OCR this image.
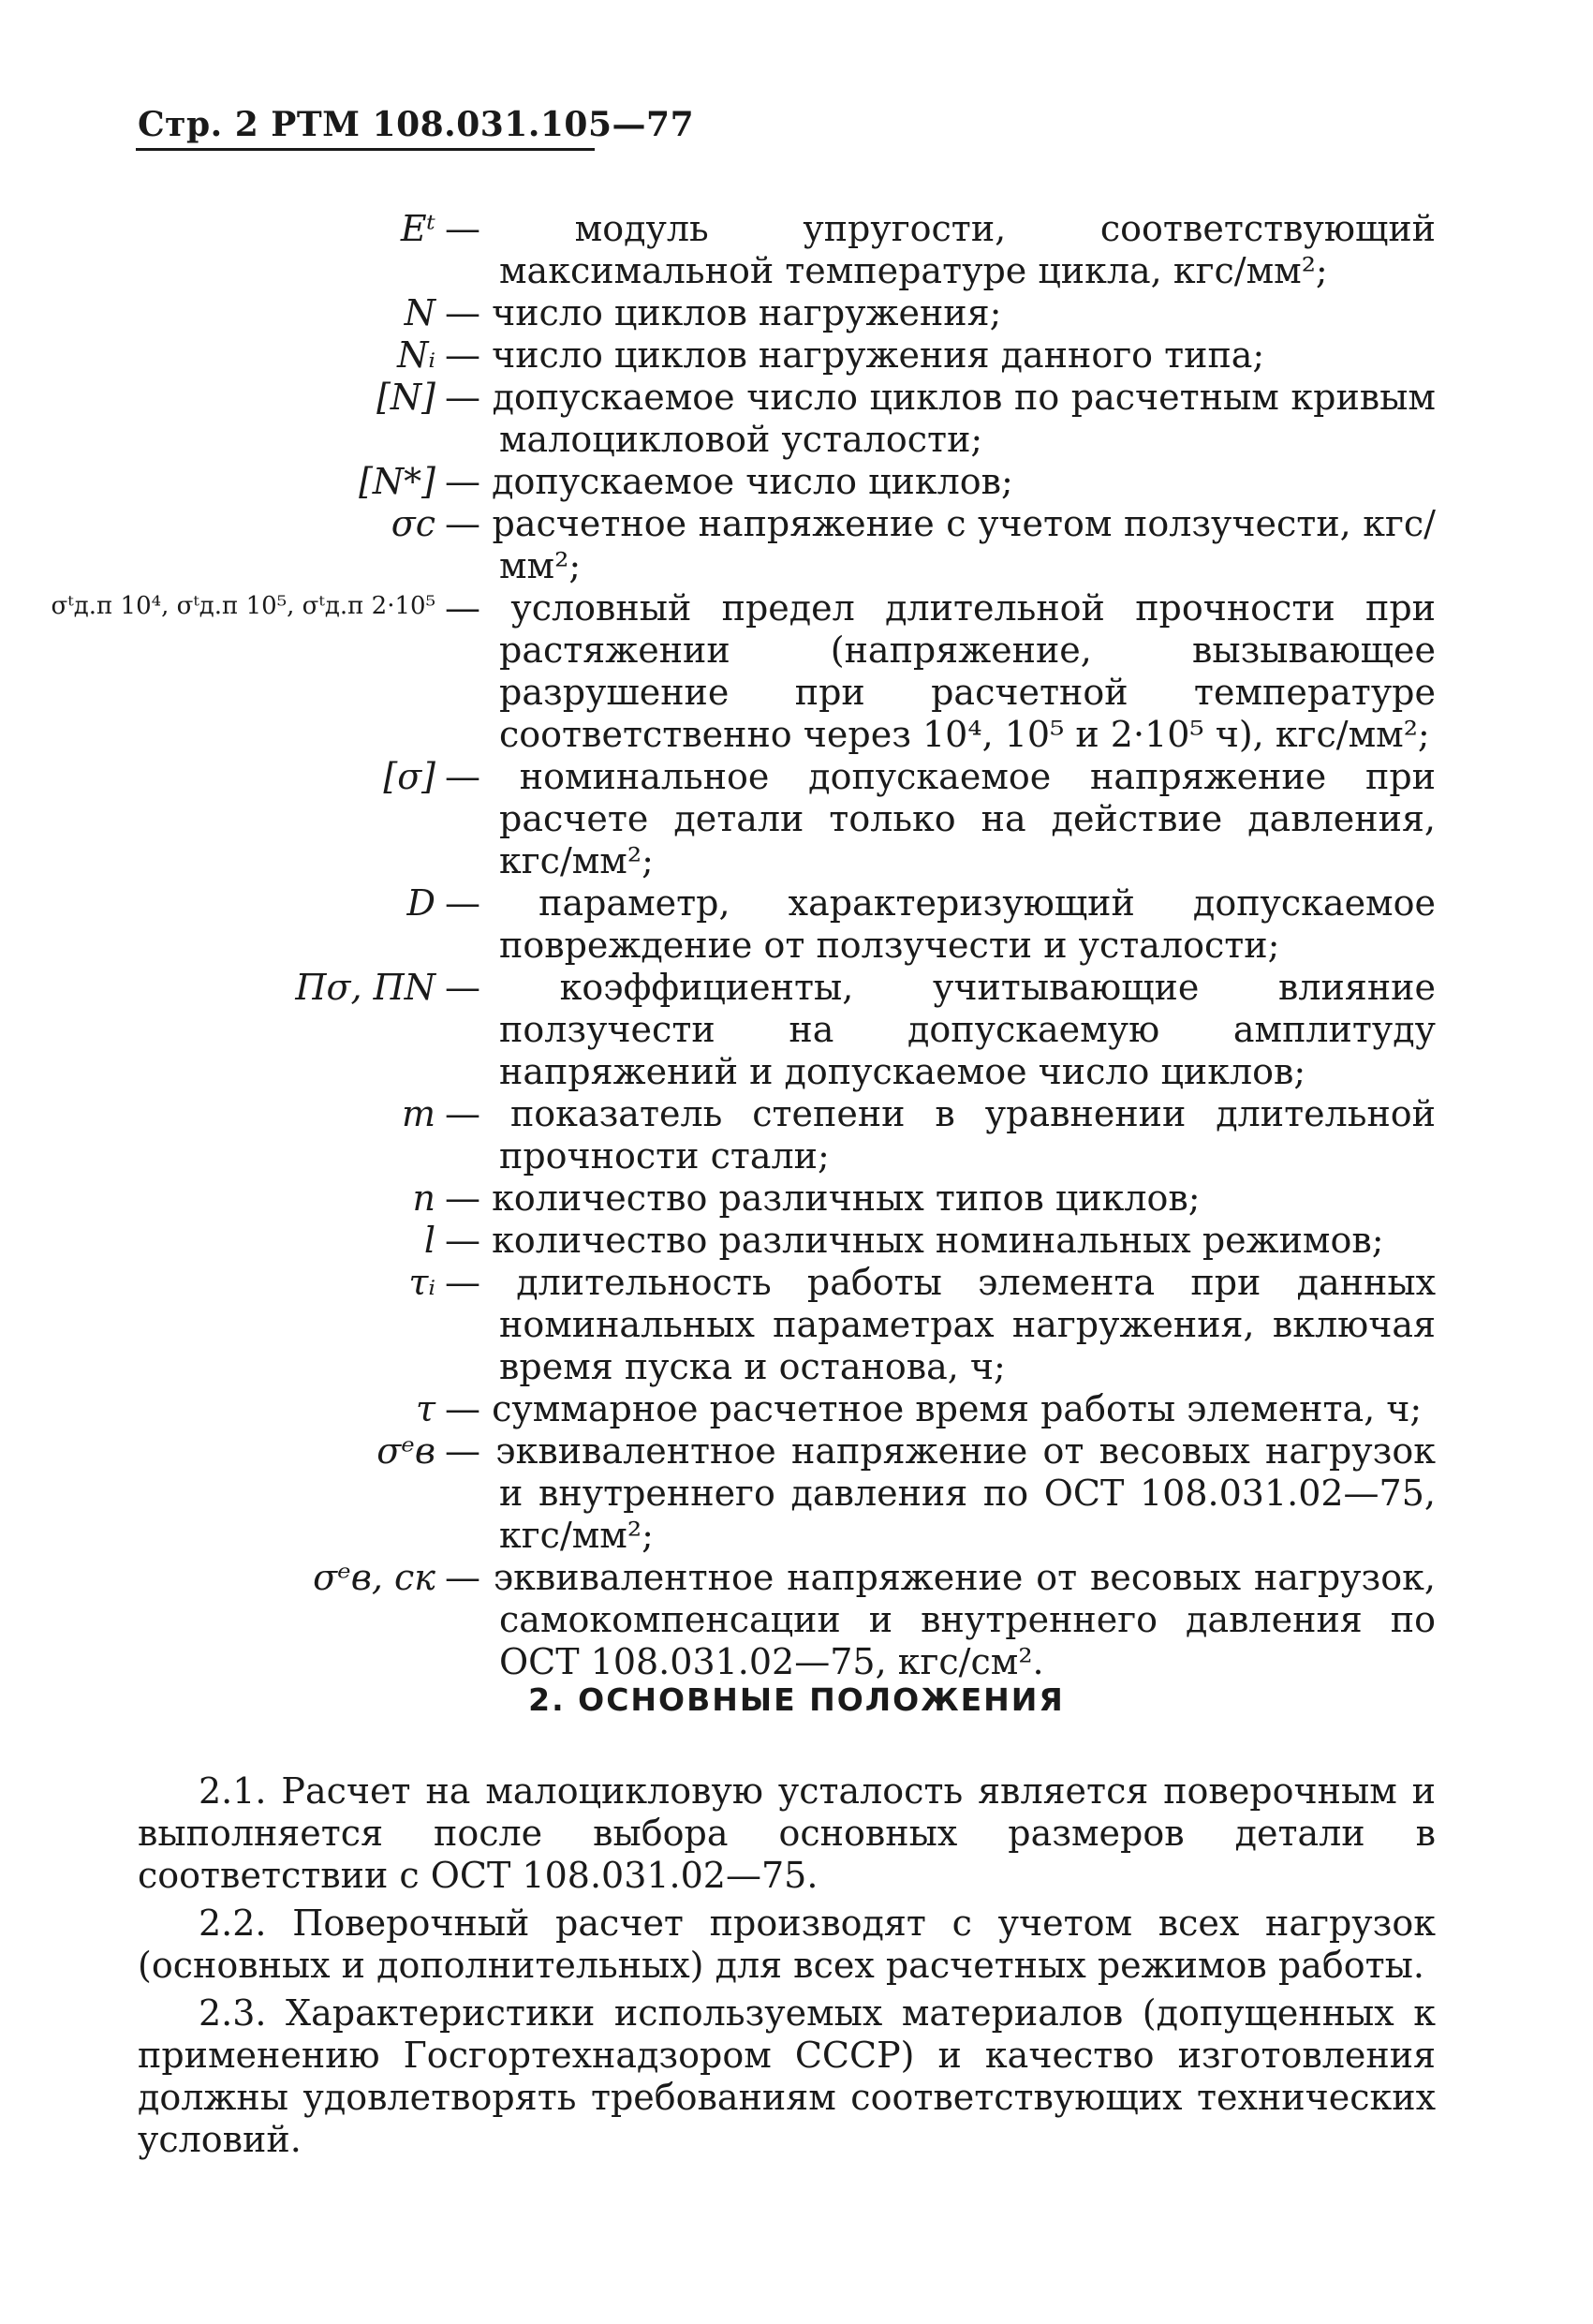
Стр. 2 РТМ 108.031.105—77
Eᵗ	— модуль упругости, соответствующий максимальной температуре цикла, кгс/мм²;
N	— число циклов нагружения;
Nᵢ	— число циклов нагружения данного типа;
[N]	— допускаемое число циклов по расчетным кривым малоцикловой усталости;
[N*]	— допускаемое число циклов;
σс	— расчетное напряжение с учетом ползучести, кгс/мм²;
σᵗд.п 10⁴, σᵗд.п 10⁵, σᵗд.п 2·10⁵	— условный предел длительной прочности при растяжении (напряжение, вызывающее разрушение при расчетной температуре соответственно через 10⁴, 10⁵ и 2·10⁵ ч), кгс/мм²;
[σ]	— номинальное допускаемое напряжение при расчете детали только на действие давления, кгс/мм²;
D	— параметр, характеризующий допускаемое повреждение от ползучести и усталости;
Пσ, ПN	— коэффициенты, учитывающие влияние ползучести на допускаемую амплитуду напряжений и допускаемое число циклов;
m	— показатель степени в уравнении длительной прочности стали;
n	— количество различных типов циклов;
l	— количество различных номинальных режимов;
τᵢ	— длительность работы элемента при данных номинальных параметрах нагружения, включая время пуска и останова, ч;
τ	— суммарное расчетное время работы элемента, ч;
σᵉв	— эквивалентное напряжение от весовых нагрузок и внутреннего давления по ОСТ 108.031.02—75, кгс/мм²;
σᵉв, ск	— эквивалентное напряжение от весовых нагрузок, самокомпенсации и внутреннего давления по ОСТ 108.031.02—75, кгс/см².
2. ОСНОВНЫЕ ПОЛОЖЕНИЯ

2.1. Расчет на малоцикловую усталость является поверочным и выполняется после выбора основных размеров детали в соответствии с ОСТ 108.031.02—75.

2.2. Поверочный расчет производят с учетом всех нагрузок (основных и дополнительных) для всех расчетных режимов работы.

2.3. Характеристики используемых материалов (допущенных к применению Госгортехнадзором СССР) и качество изготовления должны удовлетворять требованиям соответствующих технических условий.
